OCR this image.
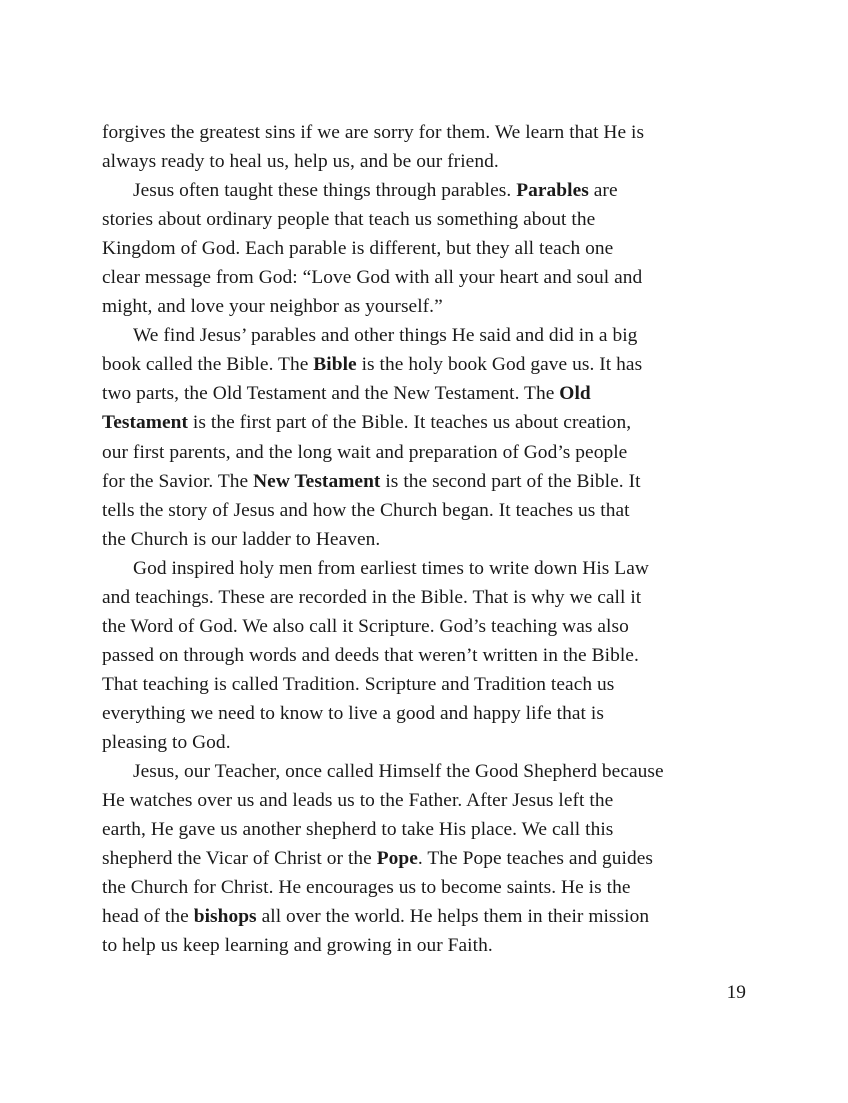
forgives the greatest sins if we are sorry for them. We learn that He is
always ready to heal us, help us, and be our friend.
Jesus often taught these things through parables. Parables are
stories about ordinary people that teach us something about the
Kingdom of God. Each parable is different, but they all teach one
clear message from God: “Love God with all your heart and soul and
might, and love your neighbor as yourself.”
We find Jesus’ parables and other things He said and did in a big
book called the Bible. The Bible is the holy book God gave us. It has
two parts, the Old Testament and the New Testament. The Old
Testament is the first part of the Bible. It teaches us about creation,
our first parents, and the long wait and preparation of God’s people
for the Savior. The New Testament is the second part of the Bible. It
tells the story of Jesus and how the Church began. It teaches us that
the Church is our ladder to Heaven.
God inspired holy men from earliest times to write down His Law
and teachings. These are recorded in the Bible. That is why we call it
the Word of God. We also call it Scripture. God’s teaching was also
passed on through words and deeds that weren’t written in the Bible.
That teaching is called Tradition. Scripture and Tradition teach us
everything we need to know to live a good and happy life that is
pleasing to God.
Jesus, our Teacher, once called Himself the Good Shepherd because
He watches over us and leads us to the Father. After Jesus left the
earth, He gave us another shepherd to take His place. We call this
shepherd the Vicar of Christ or the Pope. The Pope teaches and guides
the Church for Christ. He encourages us to become saints. He is the
head of the bishops all over the world. He helps them in their mission
to help us keep learning and growing in our Faith.
19
